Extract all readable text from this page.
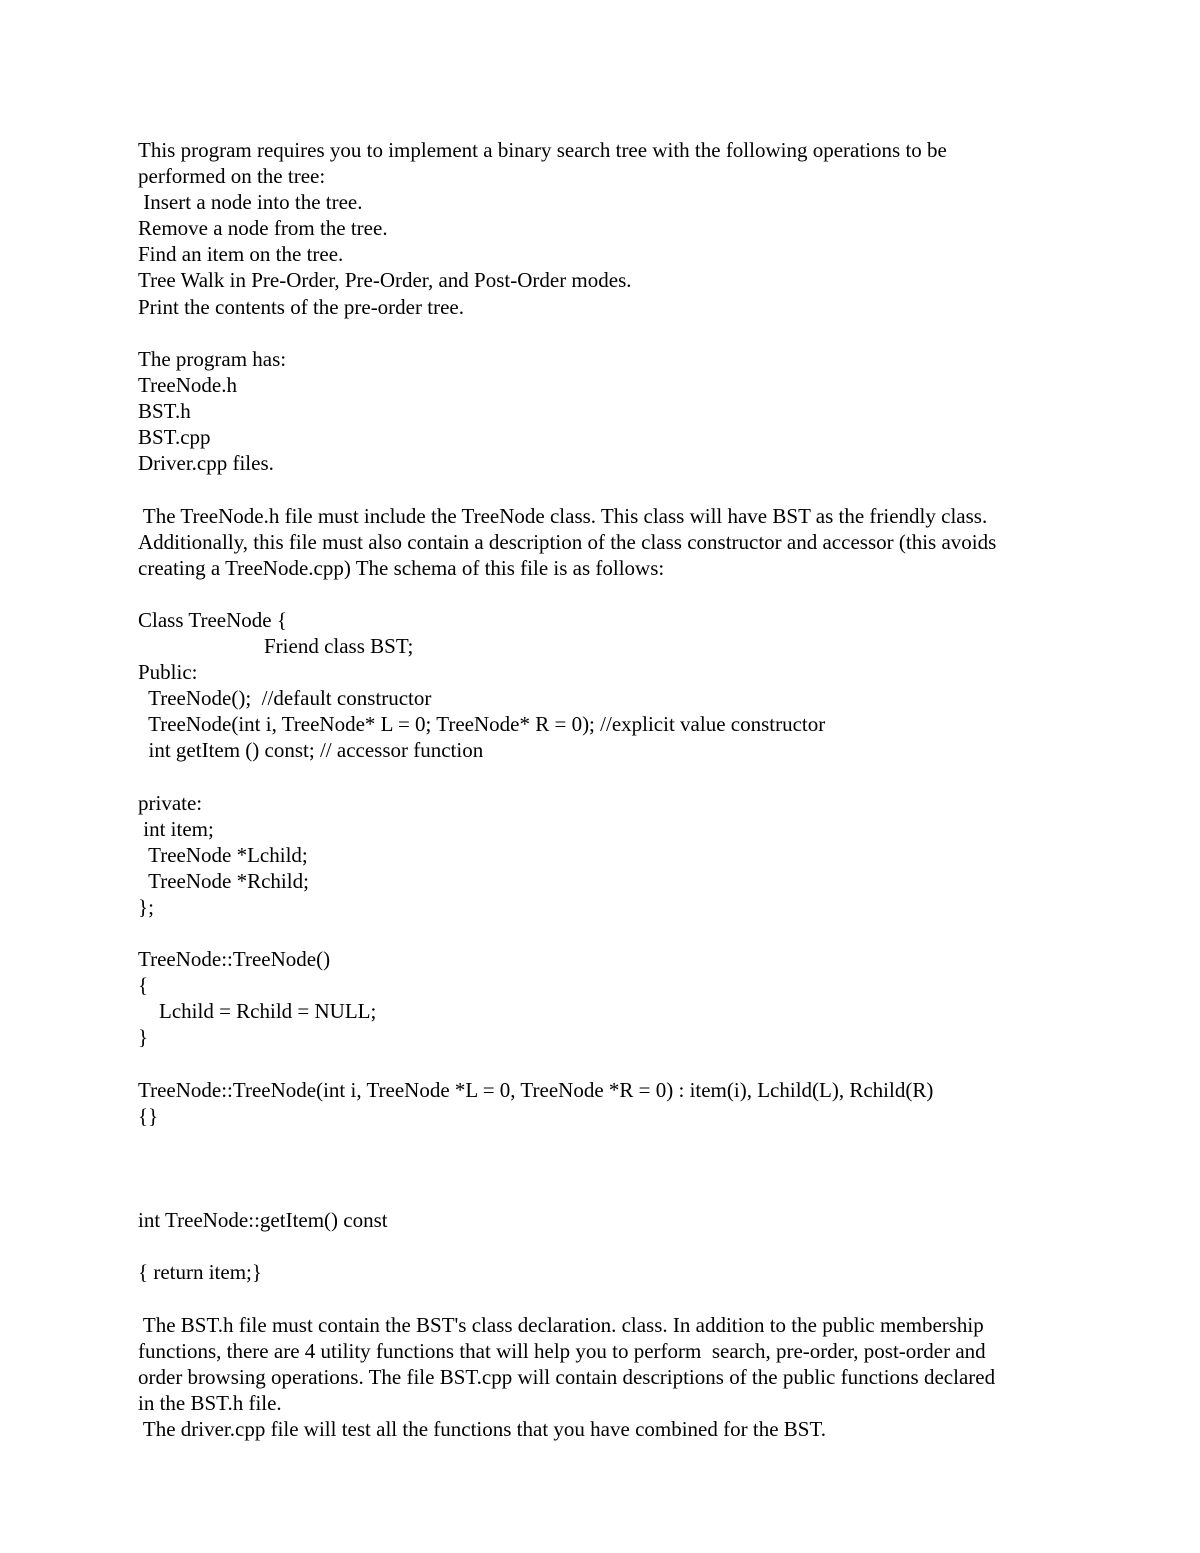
This program requires you to implement a binary search tree with the following operations to be
performed on the tree:
Insert a node into the tree.
Remove a node from the tree.
Find an item on the tree.
Tree Walk in Pre-Order, Pre-Order, and Post-Order modes.
Print the contents of the pre-order tree.
The program has:
TreeNode.h
BST.h
BST.cpp
Driver.cpp files.
The TreeNode.h file must include the TreeNode class. This class will have BST as the friendly class.
Additionally, this file must also contain a description of the class constructor and accessor (this avoids
creating a TreeNode.cpp) The schema of this file is as follows:
Class TreeNode {
Friend class BST;
Public:
TreeNode();  //default constructor
TreeNode(int i, TreeNode* L = 0; TreeNode* R = 0); //explicit value constructor
int getItem () const; // accessor function
private:
int item;
TreeNode *Lchild;
TreeNode *Rchild;
};
TreeNode::TreeNode()
{
Lchild = Rchild = NULL;
}
TreeNode::TreeNode(int i, TreeNode *L = 0, TreeNode *R = 0) : item(i), Lchild(L), Rchild(R)
{}
int TreeNode::getItem() const
{ return item;}
The BST.h file must contain the BST's class declaration. class. In addition to the public membership
functions, there are 4 utility functions that will help you to perform  search, pre-order, post-order and
order browsing operations. The file BST.cpp will contain descriptions of the public functions declared
in the BST.h file.
The driver.cpp file will test all the functions that you have combined for the BST.
